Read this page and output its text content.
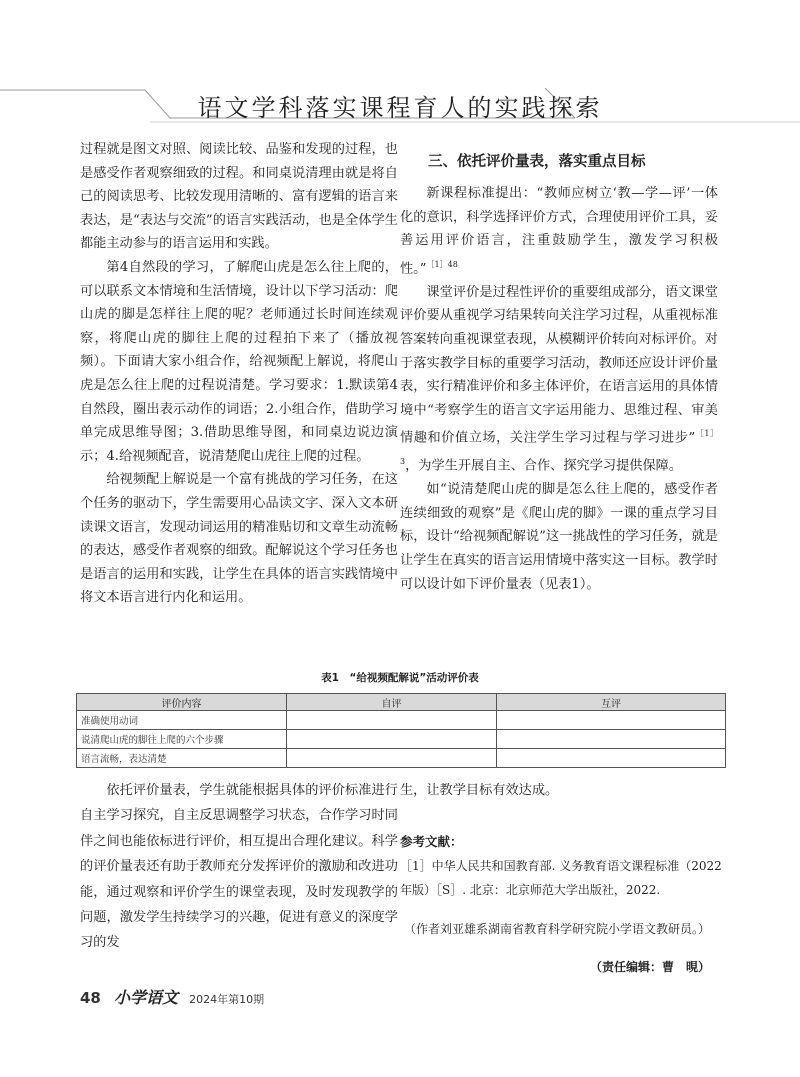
语文学科落实课程育人的实践探索

过程就是图文对照、阅读比较、品鉴和发现的过程，也是感受作者观察细致的过程。和同桌说清理由就是将自己的阅读思考、比较发现用清晰的、富有逻辑的语言来表达，是“表达与交流”的语言实践活动，也是全体学生都能主动参与的语言运用和实践。

第4自然段的学习，了解爬山虎是怎么往上爬的，可以联系文本情境和生活情境，设计以下学习活动：爬山虎的脚是怎样往上爬的呢？老师通过长时间连续观察，将爬山虎的脚往上爬的过程拍下来了（播放视频）。下面请大家小组合作，给视频配上解说，将爬山虎是怎么往上爬的过程说清楚。学习要求：1.默读第4自然段，圈出表示动作的词语；2.小组合作，借助学习单完成思维导图；3.借助思维导图，和同桌边说边演示；4.给视频配音，说清楚爬山虎往上爬的过程。

给视频配上解说是一个富有挑战的学习任务，在这个任务的驱动下，学生需要用心品读文字、深入文本研读课文语言，发现动词运用的精准贴切和文章生动流畅的表达，感受作者观察的细致。配解说这个学习任务也是语言的运用和实践，让学生在具体的语言实践情境中将文本语言进行内化和运用。

三、依托评价量表，落实重点目标

新课程标准提出：“教师应树立‘教—学—评’一体化的意识，科学选择评价方式，合理使用评价工具，妥善运用评价语言，注重鼓励学生，激发学习积极性。”$^{[1]48}$

课堂评价是过程性评价的重要组成部分，语文课堂评价要从重视学习结果转向关注学习过程，从重视标准答案转向重视课堂表现，从模糊评价转向对标评价。对于落实教学目标的重要学习活动，教师还应设计评价量表，实行精准评价和多主体评价，在语言运用的具体情境中“考察学生的语言文字运用能力、思维过程、审美情趣和价值立场，关注学生学习过程与学习进步”$^{[1]3}$，为学生开展自主、合作、探究学习提供保障。

如“说清楚爬山虎的脚是怎么往上爬的，感受作者连续细致的观察”是《爬山虎的脚》一课的重点学习目标，设计“给视频配解说”这一挑战性的学习任务，就是让学生在真实的语言运用情境中落实这一目标。教学时可以设计如下评价量表（见表1）。

表1　“给视频配解说”活动评价表
评价内容	自评	互评
准确使用动词		
说清爬山虎的脚往上爬的六个步骤		
语言流畅，表达清楚		

依托评价量表，学生就能根据具体的评价标准进行自主学习探究，自主反思调整学习状态，合作学习时同伴之间也能依标进行评价，相互提出合理化建议。科学的评价量表还有助于教师充分发挥评价的激励和改进功能，通过观察和评价学生的课堂表现，及时发现教学的问题，激发学生持续学习的兴趣，促进有意义的深度学习的发

生，让教学目标有效达成。

参考文献：
［1］中华人民共和国教育部. 义务教育语文课程标准（2022年版）［S］. 北京：北京师范大学出版社，2022.
（作者刘亚雄系湖南省教育科学研究院小学语文教研员。）
（责任编辑：曹　晛）
48 小学语文 2024年第10期
